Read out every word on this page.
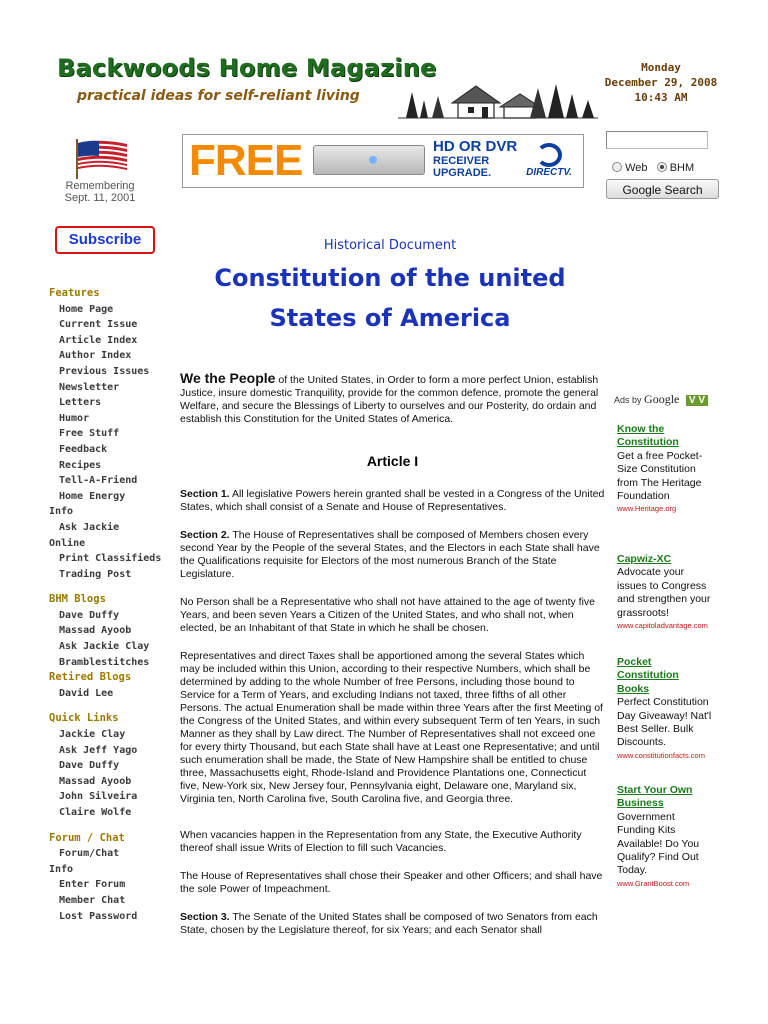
Backwoods Home Magazine
practical ideas for self-reliant living
Monday
December 29, 2008
10:43 AM
Remembering
Sept. 11, 2001
Subscribe
Features
Home Page
Current Issue
Article Index
Author Index
Previous Issues
Newsletter
Letters
Humor
Free Stuff
Feedback
Recipes
Tell-A-Friend
Home Energy
Info
Ask Jackie
Online
Print Classifieds
Trading Post
BHM Blogs
Dave Duffy
Massad Ayoob
Ask Jackie Clay
Bramblestitches
Retired Blogs
David Lee
Quick Links
Jackie Clay
Ask Jeff Yago
Dave Duffy
Massad Ayoob
John Silveira
Claire Wolfe
Forum / Chat
Forum/Chat
Info
Enter Forum
Member Chat
Lost Password
FREE	HD OR DVR
RECEIVER
UPGRADE.	DIRECTV.	Web BHM
Google Search
Historical Document
Constitution of the united States of America
We the People of the United States, in Order to form a more perfect Union, establish Justice, insure domestic Tranquility, provide for the common defence, promote the general Welfare, and secure the Blessings of Liberty to ourselves and our Posterity, do ordain and establish this Constitution for the United States of America.
Article I
Section 1. All legislative Powers herein granted shall be vested in a Congress of the United States, which shall consist of a Senate and House of Representatives.
Section 2. The House of Representatives shall be composed of Members chosen every second Year by the People of the several States, and the Electors in each State shall have the Qualifications requisite for Electors of the most numerous Branch of the State Legislature.
No Person shall be a Representative who shall not have attained to the age of twenty five Years, and been seven Years a Citizen of the United States, and who shall not, when elected, be an Inhabitant of that State in which he shall be chosen.
Representatives and direct Taxes shall be apportioned among the several States which may be included within this Union, according to their respective Numbers, which shall be determined by adding to the whole Number of free Persons, including those bound to Service for a Term of Years, and excluding Indians not taxed, three fifths of all other Persons. The actual Enumeration shall be made within three Years after the first Meeting of the Congress of the United States, and within every subsequent Term of ten Years, in such Manner as they shall by Law direct. The Number of Representatives shall not exceed one for every thirty Thousand, but each State shall have at Least one Representative; and until such enumeration shall be made, the State of New Hampshire shall be entitled to chuse three, Massachusetts eight, Rhode-Island and Providence Plantations one, Connecticut five, New-York six, New Jersey four, Pennsylvania eight, Delaware one, Maryland six, Virginia ten, North Carolina five, South Carolina five, and Georgia three.
When vacancies happen in the Representation from any State, the Executive Authority thereof shall issue Writs of Election to fill such Vacancies.
The House of Representatives shall chose their Speaker and other Officers; and shall have the sole Power of Impeachment.
Section 3. The Senate of the United States shall be composed of two Senators from each State, chosen by the Legislature thereof, for six Years; and each Senator shall
Ads by Google V V
Know the Constitution
Get a free Pocket-Size Constitution from The Heritage Foundation
www.Heritage.org
Capwiz-XC
Advocate your issues to Congress and strengthen your grassroots!
www.capitoladvantage.com
Pocket Constitution Books
Perfect Constitution Day Giveaway! Nat'l Best Seller. Bulk Discounts.
www.constitutionfacts.com
Start Your Own Business
Government Funding Kits Available! Do You Qualify? Find Out Today.
www.GrantBoost.com
